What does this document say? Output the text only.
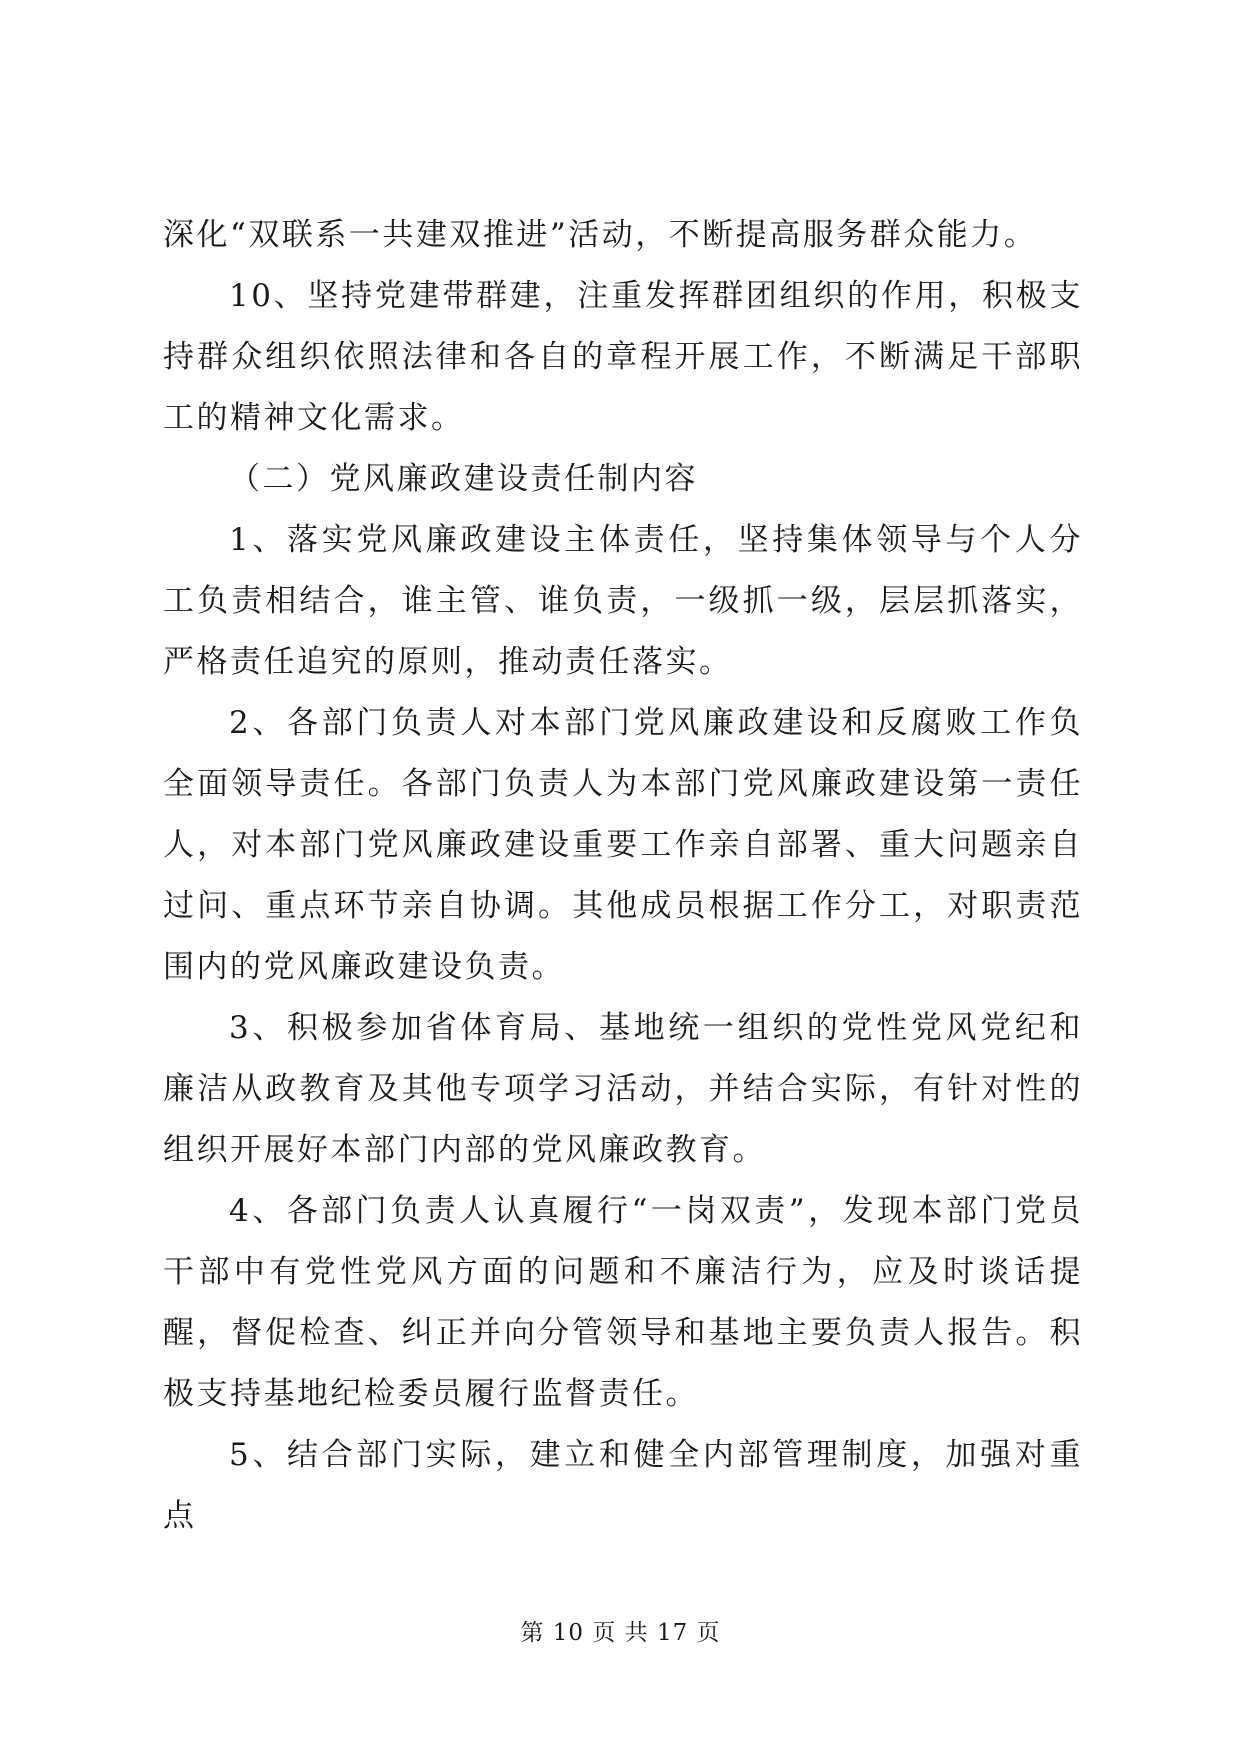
深化“双联系一共建双推进”活动，不断提高服务群众能力。

10、坚持党建带群建，注重发挥群团组织的作用，积极支持群众组织依照法律和各自的章程开展工作，不断满足干部职工的精神文化需求。

（二）党风廉政建设责任制内容

1、落实党风廉政建设主体责任，坚持集体领导与个人分工负责相结合，谁主管、谁负责，一级抓一级，层层抓落实，严格责任追究的原则，推动责任落实。

2、各部门负责人对本部门党风廉政建设和反腐败工作负全面领导责任。各部门负责人为本部门党风廉政建设第一责任人，对本部门党风廉政建设重要工作亲自部署、重大问题亲自过问、重点环节亲自协调。其他成员根据工作分工，对职责范围内的党风廉政建设负责。

3、积极参加省体育局、基地统一组织的党性党风党纪和廉洁从政教育及其他专项学习活动，并结合实际，有针对性的组织开展好本部门内部的党风廉政教育。

4、各部门负责人认真履行“一岗双责”，发现本部门党员干部中有党性党风方面的问题和不廉洁行为，应及时谈话提醒，督促检查、纠正并向分管领导和基地主要负责人报告。积极支持基地纪检委员履行监督责任。

5、结合部门实际，建立和健全内部管理制度，加强对重点

第 10 页 共 17 页
